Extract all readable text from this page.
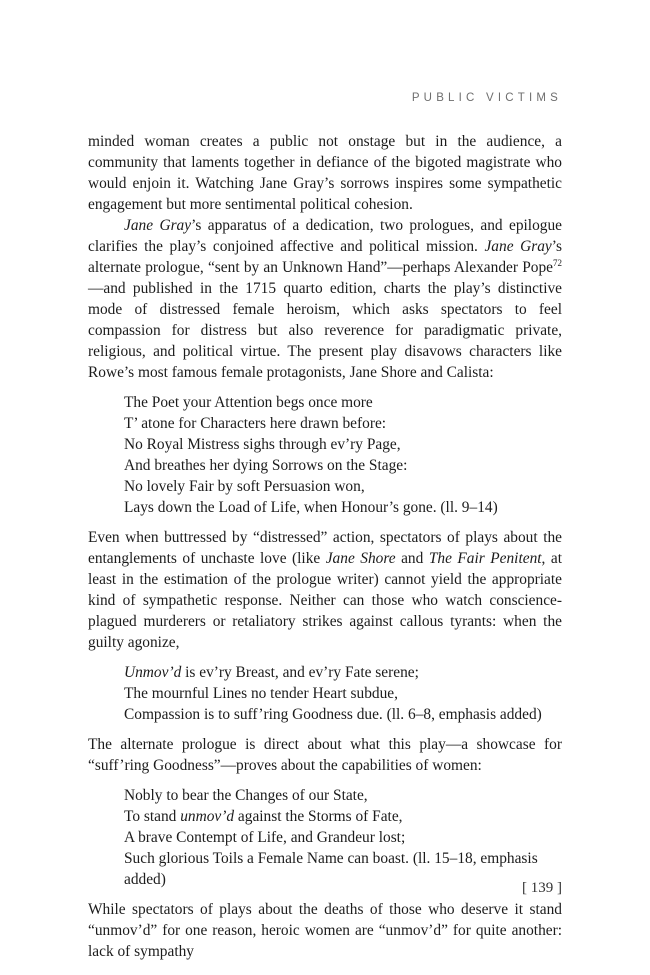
PUBLIC VICTIMS

minded woman creates a public not onstage but in the audience, a community that laments together in defiance of the bigoted magistrate who would enjoin it. Watching Jane Gray’s sorrows inspires some sympathetic engagement but more sentimental political cohesion.

Jane Gray’s apparatus of a dedication, two prologues, and epilogue clarifies the play’s conjoined affective and political mission. Jane Gray’s alternate prologue, “sent by an Unknown Hand”—perhaps Alexander Pope$^{72}$—and published in the 1715 quarto edition, charts the play’s distinctive mode of distressed female heroism, which asks spectators to feel compassion for distress but also reverence for paradigmatic private, religious, and political virtue. The present play disavows characters like Rowe’s most famous female protagonists, Jane Shore and Calista:

The Poet your Attention begs once more
T’ atone for Characters here drawn before:
No Royal Mistress sighs through ev’ry Page,
And breathes her dying Sorrows on the Stage:
No lovely Fair by soft Persuasion won,
Lays down the Load of Life, when Honour’s gone. (ll. 9–14)

Even when buttressed by “distressed” action, spectators of plays about the entanglements of unchaste love (like Jane Shore and The Fair Penitent, at least in the estimation of the prologue writer) cannot yield the appropriate kind of sympathetic response. Neither can those who watch conscience-plagued murderers or retaliatory strikes against callous tyrants: when the guilty agonize,

Unmov’d is ev’ry Breast, and ev’ry Fate serene;
The mournful Lines no tender Heart subdue,
Compassion is to suff’ring Goodness due. (ll. 6–8, emphasis added)

The alternate prologue is direct about what this play—a showcase for “suff’ring Goodness”—proves about the capabilities of women:

Nobly to bear the Changes of our State,
To stand unmov’d against the Storms of Fate,
A brave Contempt of Life, and Grandeur lost;
Such glorious Toils a Female Name can boast. (ll. 15–18, emphasis added)

While spectators of plays about the deaths of those who deserve it stand “unmov’d” for one reason, heroic women are “unmov’d” for quite another: lack of sympathy

[ 139 ]
